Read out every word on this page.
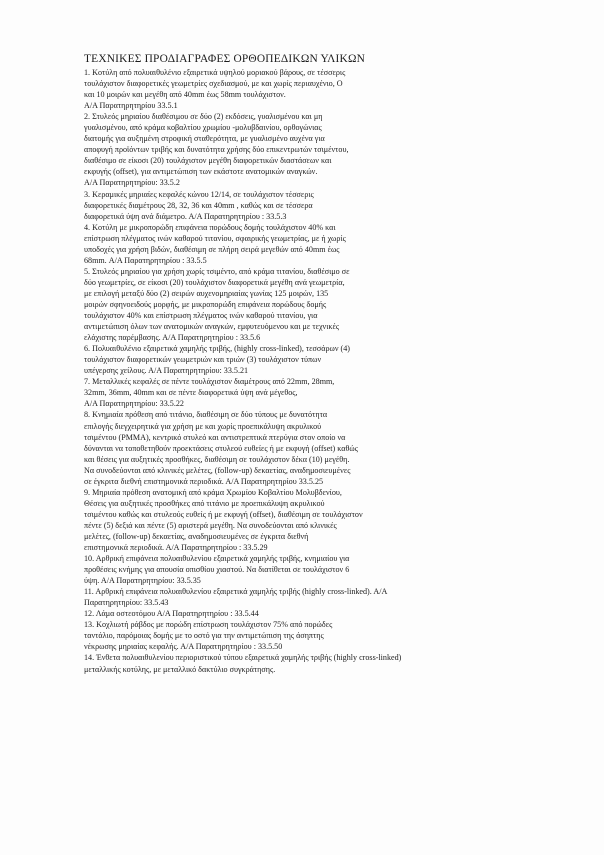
ΤΕΧΝΙΚΕΣ ΠΡΟΔΙΑΓΡΑΦΕΣ ΟΡΘΟΠΕΔΙΚΩΝ ΥΛΙΚΩΝ
1. Κοτύλη από πολυαιθυλένιο εξαιρετικά υψηλού μοριακού βάρους, σε τέσσερις
τουλάχιστον διαφορετικές γεωμετρίες σχεδιασμού, με και χωρίς περιαυχένιο, Ο
και 10 μοιρών και μεγέθη από 40mm έως 58mm τουλάχιστον.
Α/Α Παρατηρητηρίου 33.5.1
2. Στυλεός μηριαίου διαθέσιμου σε δύο (2) εκδόσεις, γυαλισμένου και μη
γυαλισμένου, από κράμα κοβαλτίου χρωμίου -μολυβδαινίου, ορθογώνιας
διατομής για αυξημένη στροφική σταθερότητα, με γυαλισμένο αυχένα για
αποφυγή προϊόντων τριβής και δυνατότητα χρήσης δύο επικεντρωτών τσιμέντου,
διαθέσιμο σε είκοσι (20) τουλάχιστον μεγέθη διαφορετικών διαστάσεων και
εκφυγής (offset), για αντιμετώπιση των εκάστοτε ανατομικών αναγκών.
Α/Α Παρατηρητηρίου: 33.5.2
3. Κεραμικές μηριαίες κεφαλές κώνου 12/14, σε τουλάχιστον τέσσερις
διαφορετικές διαμέτρους 28, 32, 36 και 40mm , καθώς και σε τέσσερα
διαφορετικά ύψη ανά διάμετρο. Α/Α Παρατηρητηρίου : 33.5.3
4. Κοτύλη με μικροπορώδη επιφάνεια πορώδους δομής τουλάχιστον 40% και
επίστρωση πλέγματος ινών καθαρού τιτανίου, σφαιρικής γεωμετρίας, με ή χωρίς
υποδοχές για χρήση βιδών, διαθέσιμη σε πλήρη σειρά μεγεθών από 40mm έως
68mm. Α/Α Παρατηρητηρίου : 33.5.5
5. Στυλεός μηριαίου για χρήση χωρίς τσιμέντο, από κράμα τιτανίου, διαθέσιμο σε
δύο γεωμετρίες, σε είκοσι (20) τουλάχιστον διαφορετικά μεγέθη ανά γεωμετρία,
με επιλογή μεταξύ δύο (2) σειρών αυχενομηριαίας γωνίας 125 μοιρών, 135
μοιρών σφηνοειδούς μορφής, με μικροπορώδη επιφάνεια πορώδους δομής
τουλάχιστον 40% και επίστρωση πλέγματος ινών καθαρού τιτανίου, για
αντιμετώπιση όλων των ανατομικών αναγκών, εμφυτευόμενου και με τεχνικές
ελάχιστης παρέμβασης. Α/Α Παρατηρητηρίου : 33.5.6
6. Πολυαιθυλένιο εξαιρετικά χαμηλής τριβής, (highly cross-linked), τεσσάρων (4)
τουλάχιστον διαφορετικών γεωμετριών και τριών (3) τουλάχιστον τύπων
υπέγερσης χείλους. Α/Α Παρατηρητηρίου: 33.5.21
7. Μεταλλικές κεφαλές σε πέντε τουλάχιστον διαμέτρους από 22mm, 28mm,
32mm, 36mm, 40mm και σε πέντε διαφορετικά ύψη ανά μέγεθος,
Α/Α Παρατηρητηρίου: 33.5.22
8. Κνημιαία πρόθεση από τιτάνιο, διαθέσιμη σε δύο τύπους με δυνατότητα
επιλογής διεγχειρητικά για χρήση με και χωρίς προεπικάλυψη ακρυλικού
τσιμέντου (PMMA), κεντρικό στυλεό και αντιστρεπτικά πτερύγια στον οποίο να
δύνανται να τοποθετηθούν προεκτάσεις στυλεού ευθείες ή με εκφυγή (offset) καθώς
και θέσεις για αυξητικές προσθήκες, διαθέσιμη σε τουλάχιστον δέκα (10) μεγέθη.
Να συνοδεύονται από κλινικές μελέτες, (follow-up) δεκαετίας, αναδημοσιευμένες
σε έγκριτα διεθνή επιστημονικά περιοδικά. Α/Α Παρατηρητηρίου 33.5.25
9. Μηριαία πρόθεση ανατομική από κράμα Χρωμίου Κοβαλτίου Μολυβδενίου,
Θέσεις για αυξητικές προσθήκες από τιτάνιο με προεπικάλυψη ακρυλικού
τσιμέντου καθώς και στυλεούς ευθείς ή με εκφυγή (offset), διαθέσιμη σε τουλάχιστον
πέντε (5) δεξιά και πέντε (5) αριστερά μεγέθη. Να συνοδεύονται από κλινικές
μελέτες, (follow-up) δεκαετίας, αναδημοσιευμένες σε έγκριτα διεθνή
επιστημονικά περιοδικά. Α/Α Παρατηρητηρίου : 33.5.29
10. Αρθρική επιφάνεια πολυαιθυλενίου εξαιρετικά χαμηλής τριβής, κνημιαίου για
προθέσεις κνήμης για απουσία οπισθίου χιαστού. Να διατίθεται σε τουλάχιστον 6
ύψη. Α/Α Παρατηρητηρίου: 33.5.35
11. Αρθρική επιφάνεια πολυαιθυλενίου εξαιρετικά χαμηλής τριβής (highly cross-linked). Α/Α
Παρατηρητηρίου: 33.5.43
12. Λάμα οστεοτόμου Α/Α Παρατηρητηρίου : 33.5.44
13. Κοχλιωτή ράβδος με πορώδη επίστρωση τουλάχιστον 75% από πορώδες
ταντάλιο, παρόμοιας δομής με το οστό για την αντιμετώπιση της άσηπτης
νέκρωσης μηριαίας κεφαλής. Α/Α Παρατηρητηρίου : 33.5.50
14. Ένθετα πολυαιθυλενίου περιοριστικού τύπου εξαιρετικά χαμηλής τριβής (highly cross-linked)
μεταλλικής κοτύλης, με μεταλλικό δακτύλιο συγκράτησης.
